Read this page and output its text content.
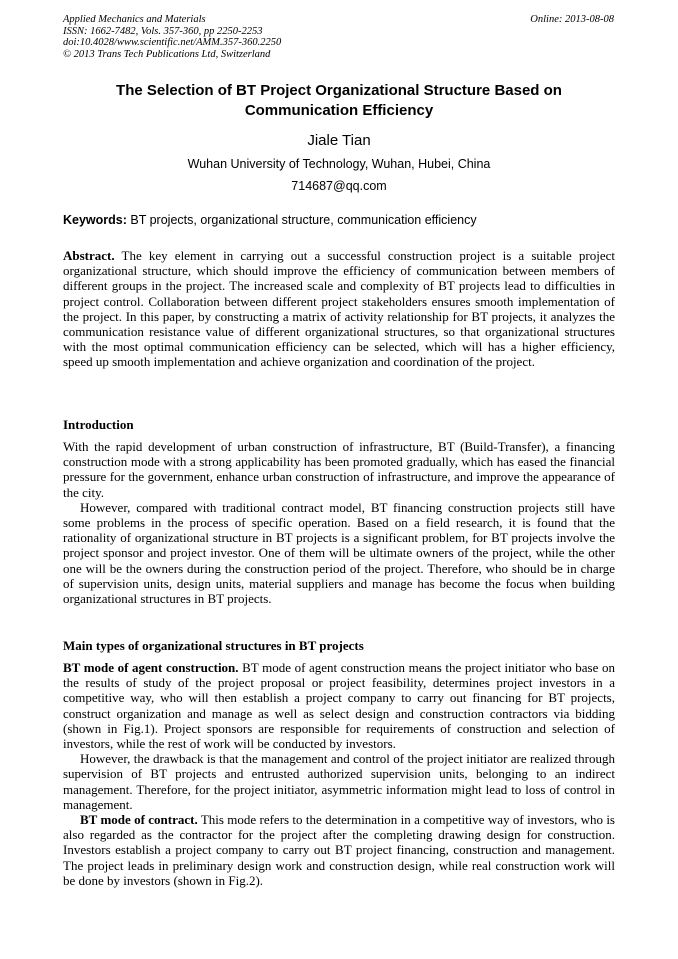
Applied Mechanics and Materials
ISSN: 1662-7482, Vols. 357-360, pp 2250-2253
doi:10.4028/www.scientific.net/AMM.357-360.2250
© 2013 Trans Tech Publications Ltd, Switzerland
Online: 2013-08-08
The Selection of BT Project Organizational Structure Based on
Communication Efficiency
Jiale Tian
Wuhan University of Technology, Wuhan, Hubei, China
714687@qq.com
Keywords: BT projects, organizational structure, communication efficiency

Abstract. The key element in carrying out a successful construction project is a suitable project organizational structure, which should improve the efficiency of communication between members of different groups in the project. The increased scale and complexity of BT projects lead to difficulties in project control. Collaboration between different project stakeholders ensures smooth implementation of the project. In this paper, by constructing a matrix of activity relationship for BT projects, it analyzes the communication resistance value of different organizational structures, so that organizational structures with the most optimal communication efficiency can be selected, which will has a higher efficiency, speed up smooth implementation and achieve organization and coordination of the project.

Introduction

With the rapid development of urban construction of infrastructure, BT (Build-Transfer), a financing construction mode with a strong applicability has been promoted gradually, which has eased the financial pressure for the government, enhance urban construction of infrastructure, and improve the appearance of the city.

However, compared with traditional contract model, BT financing construction projects still have some problems in the process of specific operation. Based on a field research, it is found that the rationality of organizational structure in BT projects is a significant problem, for BT projects involve the project sponsor and project investor. One of them will be ultimate owners of the project, while the other one will be the owners during the construction period of the project. Therefore, who should be in charge of supervision units, design units, material suppliers and manage has become the focus when building organizational structures in BT projects.

Main types of organizational structures in BT projects

BT mode of agent construction. BT mode of agent construction means the project initiator who base on the results of study of the project proposal or project feasibility, determines project investors in a competitive way, who will then establish a project company to carry out financing for BT projects, construct organization and manage as well as select design and construction contractors via bidding (shown in Fig.1). Project sponsors are responsible for requirements of construction and selection of investors, while the rest of work will be conducted by investors.

However, the drawback is that the management and control of the project initiator are realized through supervision of BT projects and entrusted authorized supervision units, belonging to an indirect management. Therefore, for the project initiator, asymmetric information might lead to loss of control in management.

BT mode of contract. This mode refers to the determination in a competitive way of investors, who is also regarded as the contractor for the project after the completing drawing design for construction. Investors establish a project company to carry out BT project financing, construction and management. The project leads in preliminary design work and construction design, while real construction work will be done by investors (shown in Fig.2).
